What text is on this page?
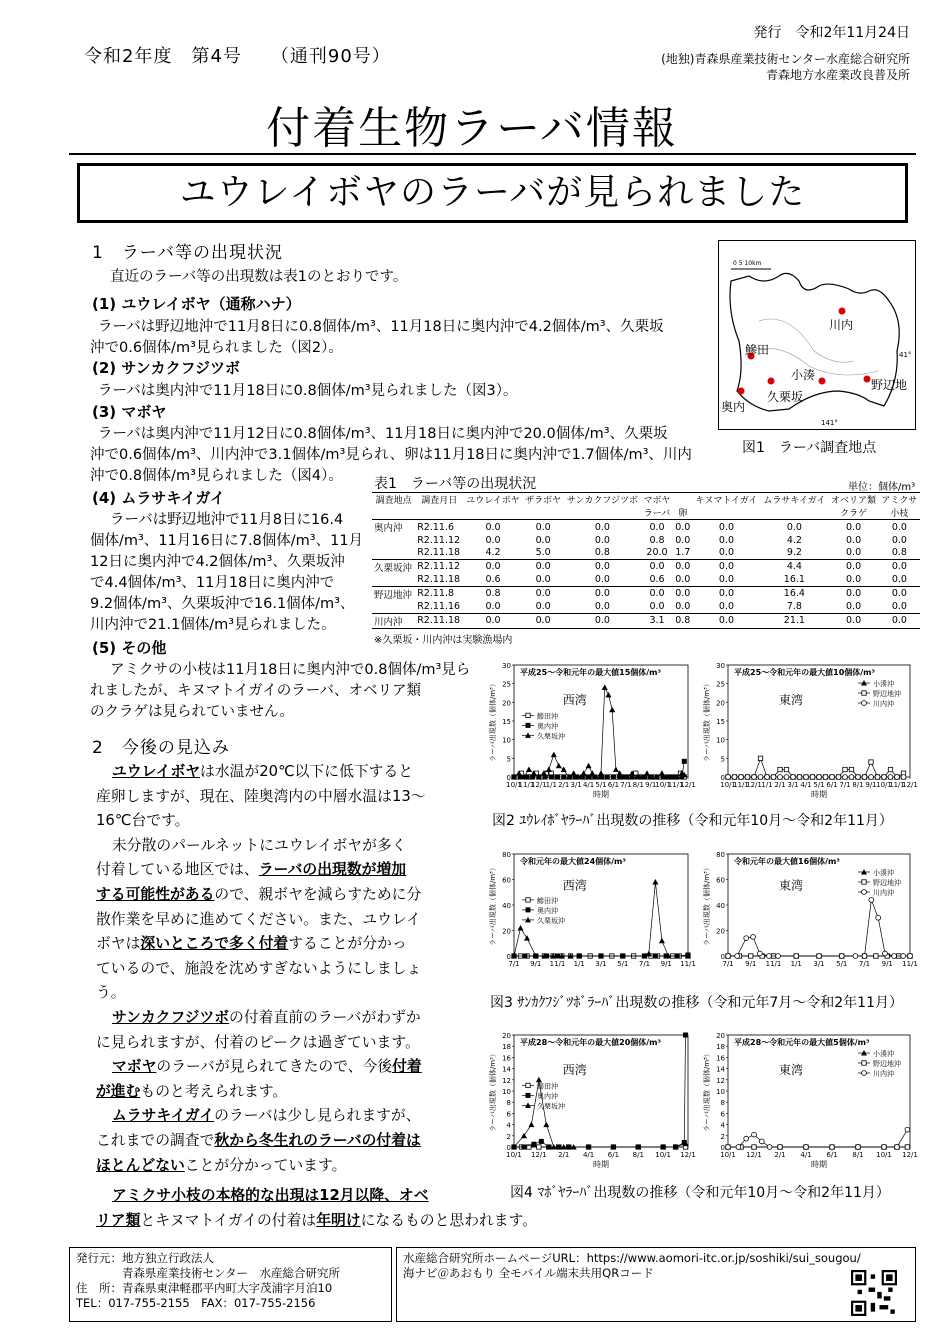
令和2年度　第4号　　（通刊90号）
発行　令和2年11月24日
(地独)青森県産業技術センター水産総合研究所
青森地方水産業改良普及所
付着生物ラーバ情報
ユウレイボヤのラーバが見られました
1　ラーバ等の出現状況
直近のラーバ等の出現数は表1のとおりです。
(1) ユウレイボヤ（通称ハナ）
ラーバは野辺地沖で11月8日に0.8個体/m³、11月18日に奥内沖で4.2個体/m³、久栗坂
沖で0.6個体/m³見られました（図2）。
(2) サンカクフジツボ
ラーバは奥内沖で11月18日に0.8個体/m³見られました（図3）。
(3) マボヤ
ラーバは奥内沖で11月12日に0.8個体/m³、11月18日に奥内沖で20.0個体/m³、久栗坂
沖で0.6個体/m³、川内沖で3.1個体/m³見られ、卵は11月18日に奥内沖で1.7個体/m³、川内
沖で0.8個体/m³見られました（図4）。
(4) ムラサキイガイ
ラーバは野辺地沖で11月8日に16.4
個体/m³、11月16日に7.8個体/m³、11月
12日に奥内沖で4.2個体/m³、久栗坂沖
で4.4個体/m³、11月18日に奥内沖で
9.2個体/m³、久栗坂沖で16.1個体/m³、
川内沖で21.1個体/m³見られました。
(5) その他
アミクサの小枝は11月18日に奥内沖で0.8個体/m³見ら
れましたが、キヌマトイガイのラーバ、オベリア類
のクラゲは見られていません。
2　今後の見込み
ユウレイボヤは水温が20℃以下に低下すると
産卵しますが、現在、陸奥湾内の中層水温は13～
16℃台です。
未分散のパールネットにユウレイボヤが多く
付着している地区では、ラーバの出現数が増加
する可能性があるので、親ボヤを減らすために分
散作業を早めに進めてください。また、ユウレイ
ボヤは深いところで多く付着することが分かっ
ているので、施設を沈めすぎないようにしましょ
う。
サンカクフジツボの付着直前のラーバがわずか
に見られますが、付着のピークは過ぎています。
マボヤのラーバが見られてきたので、今後付着
が進むものと考えられます。
ムラサキイガイのラーバは少し見られますが、
これまでの調査で秋から冬生れのラーバの付着は
ほとんどないことが分かっています。
アミクサ小枝の本格的な出現は12月以降、オベ
リア類とキヌマトイガイの付着は年明けになるものと思われます。
0 5 10km
川内
鰺田
小湊
野辺地
奥内
久栗坂
41°
141°
図1　ラーバ調査地点
表1　ラーバ等の出現状況	単位：個体/m³
調査地点	調査月日	ユウレイボヤ	ザラボヤ	サンカクフジツボ	マボヤ		キヌマトイガイ	ムラサキイガイ	オベリア類	アミクサ
					ラーバ	卵			クラゲ	小枝
奥内沖	R2.11.6	0.0	0.0	0.0	0.0	0.0	0.0	0.0	0.0	0.0
	R2.11.12	0.0	0.0	0.0	0.8	0.0	0.0	4.2	0.0	0.0
	R2.11.18	4.2	5.0	0.8	20.0	1.7	0.0	9.2	0.0	0.8
久栗坂沖	R2.11.12	0.0	0.0	0.0	0.0	0.0	0.0	4.4	0.0	0.0
	R2.11.18	0.6	0.0	0.0	0.6	0.0	0.0	16.1	0.0	0.0
野辺地沖	R2.11.8	0.8	0.0	0.0	0.0	0.0	0.0	16.4	0.0	0.0
	R2.11.16	0.0	0.0	0.0	0.0	0.0	0.0	7.8	0.0	0.0
川内沖	R2.11.18	0.0	0.0	0.0	3.1	0.8	0.0	21.1	0.0	0.0
※久栗坂・川内沖は実験漁場内
0
5
10
15
20
25
30
10/1
11/1
12/1
1/1 2/1 3/1 4/1 5/1 6/1 7/1 8/1 9/1
10/1
11/1
12/1
時期
ラーバ出現数（個体/m³）
平成25～令和元年の最大値15個体/m³
西湾
鰺田沖
奥内沖
久栗坂沖
0
5
10
15
20
25
30
10/1
11/1
12/1 1/1 2/1 3/1 4/1 5/1 6/1 7/1 8/1 9/1 10/1
11/1
12/1
時期
ラーバ出現数（個体/m³）
平成25～令和元年の最大値10個体/m³
東湾
小湊沖
野辺地沖
川内沖
図2 ﾕｳﾚｲﾎﾞﾔﾗｰﾊﾞ出現数の推移（令和元年10月～令和2年11月）
0
20
40
60
80
7/1 9/1 11/1 1/1 3/1 5/1 7/1 9/1 11/1
ラーバ出現数（個体/m³）
令和元年の最大値24個体/m³
西湾
鰺田沖
奥内沖
久栗坂沖
0
20
40
60
80
7/1 9/1 11/1 1/1 3/1 5/1 7/1 9/1 11/1
ラーバ出現数（個体/m³）
令和元年の最大値16個体/m³
東湾
小湊沖
野辺地沖
川内沖
図3 ｻﾝｶｸﾌｼﾞﾂﾎﾞﾗｰﾊﾞ出現数の推移（令和元年7月～令和2年11月）
0
2
4
6
8
10
12
14
16
18
20
10/1 12/1 2/1 4/1 6/1 8/1 10/1 12/1
時期
ラーバ出現数（個体/m³）
平成28～令和元年の最大値20個体/m³
西湾
鰺田沖
奥内沖
久栗坂沖
0
2
4
6
8
10
12
14
16
18
20
10/1 12/1 2/1 4/1 6/1 8/1 10/1 12/1
時期
ラーバ出現数（個体/m³）
平成28～令和元年の最大値5個体/m³
東湾
小湊沖
野辺地沖
川内沖
図4 ﾏﾎﾞﾔﾗｰﾊﾞ出現数の推移（令和元年10月～令和2年11月）
発行元：地方独立行政法人
　　　　青森県産業技術センター　水産総合研究所
住　所：青森県東津軽郡平内町大字茂浦字月泊10
TEL：017-755-2155　FAX：017-755-2156
水産総合研究所ホームページURL：https://www.aomori-itc.or.jp/soshiki/sui_sougou/
海ナビ＠あおもり 全モバイル端末共用QRコード
